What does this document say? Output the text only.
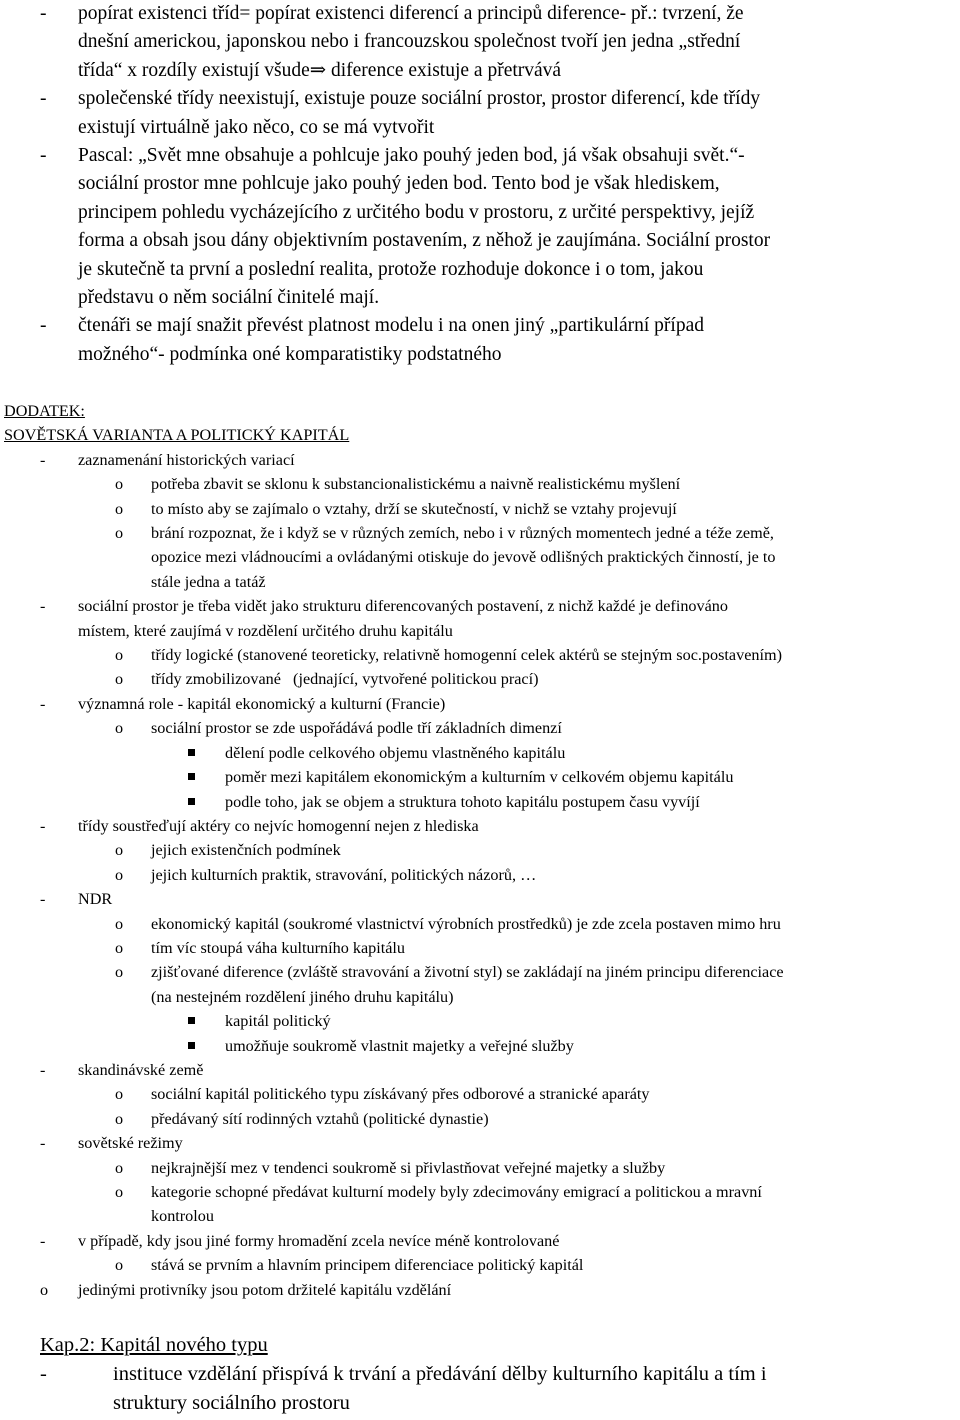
- popírat existenci tříd= popírat existenci diferencí a principů diference- př.: tvrzení, že
dnešní americkou, japonskou nebo i francouzskou společnost tvoří jen jedna „střední
třída“ x rozdíly existují všude⇒ diference existuje a přetrvává
- společenské třídy neexistují, existuje pouze sociální prostor, prostor diferencí, kde třídy
existují virtuálně jako něco, co se má vytvořit
- Pascal: „Svět mne obsahuje a pohlcuje jako pouhý jeden bod, já však obsahuji svět.“-
sociální prostor mne pohlcuje jako pouhý jeden bod. Tento bod je však hlediskem,
principem pohledu vycházejícího z určitého bodu v prostoru, z určité perspektivy, jejíž
forma a obsah jsou dány objektivním postavením, z něhož je zaujímána. Sociální prostor
je skutečně ta první a poslední realita, protože rozhoduje dokonce i o tom, jakou
představu o něm sociální činitelé mají.
- čtenáři se mají snažit převést platnost modelu i na onen jiný „partikulární případ
možného“- podmínka oné komparatistiky podstatného
DODATEK:
SOVĚTSKÁ VARIANTA A POLITICKÝ KAPITÁL
- zaznamenání historických variací
o potřeba zbavit se sklonu k substancionalistickému a naivně realistickému myšlení
o to místo aby se zajímalo o vztahy, drží se skutečností, v nichž se vztahy projevují
o brání rozpoznat, že i když se v různých zemích, nebo i v různých momentech jedné a téže země,
opozice mezi vládnoucími a ovládanými otiskuje do jevově odlišných praktických činností, je to
stále jedna a tatáž
- sociální prostor je třeba vidět jako strukturu diferencovaných postavení, z nichž každé je definováno
místem, které zaujímá v rozdělení určitého druhu kapitálu
o třídy logické (stanovené teoreticky, relativně homogenní celek aktérů se stejným soc.postavením)
o třídy zmobilizované   (jednající, vytvořené politickou prací)
- významná role - kapitál ekonomický a kulturní (Francie)
o sociální prostor se zde uspořádává podle tří základních dimenzí
dělení podle celkového objemu vlastněného kapitálu
poměr mezi kapitálem ekonomickým a kulturním v celkovém objemu kapitálu
podle toho, jak se objem a struktura tohoto kapitálu postupem času vyvíjí
- třídy soustřeďují aktéry co nejvíc homogenní nejen z hlediska
o jejich existenčních podmínek
o jejich kulturních praktik, stravování, politických názorů, …
- NDR
o ekonomický kapitál (soukromé vlastnictví výrobních prostředků) je zde zcela postaven mimo hru
o tím víc stoupá váha kulturního kapitálu
o zjišťované diference (zvláště stravování a životní styl) se zakládají na jiném principu diferenciace
(na nestejném rozdělení jiného druhu kapitálu)
kapitál politický
umožňuje soukromě vlastnit majetky a veřejné služby
- skandinávské země
o sociální kapitál politického typu získávaný přes odborové a stranické aparáty
o předávaný sítí rodinných vztahů (politické dynastie)
- sovětské režimy
o nejkrajnější mez v tendenci soukromě si přivlastňovat veřejné majetky a služby
o kategorie schopné předávat kulturní modely byly zdecimovány emigrací a politickou a mravní
kontrolou
- v případě, kdy jsou jiné formy hromadění zcela nevíce méně kontrolované
o stává se prvním a hlavním principem diferenciace politický kapitál
o jedinými protivníky jsou potom držitelé kapitálu vzdělání
Kap.2: Kapitál nového typu
-	instituce vzdělání přispívá k trvání a předávání dělby kulturního kapitálu a tím i
struktury sociálního prostoru
